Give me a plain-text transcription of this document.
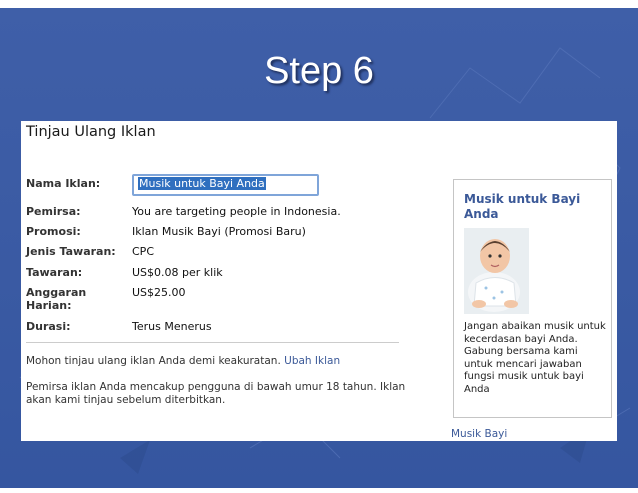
Step 6
Tinjau Ulang Iklan
Nama Iklan:	Musik untuk Bayi Anda
Pemirsa:	You are targeting people in Indonesia.
Promosi:	Iklan Musik Bayi (Promosi Baru)
Jenis Tawaran: CPC
Tawaran:	US$0.08 per klik
Anggaran
Harian:
US$25.00
Durasi:	Terus Menerus
Mohon tinjau ulang iklan Anda demi keakuratan. Ubah Iklan
Pemirsa iklan Anda mencakup pengguna di bawah umur 18 tahun. Iklan akan kami tinjau sebelum diterbitkan.
Musik untuk Bayi Anda
Jangan abaikan musik untuk kecerdasan bayi Anda. Gabung bersama kami untuk mencari jawaban fungsi musik untuk bayi Anda
Musik Bayi
